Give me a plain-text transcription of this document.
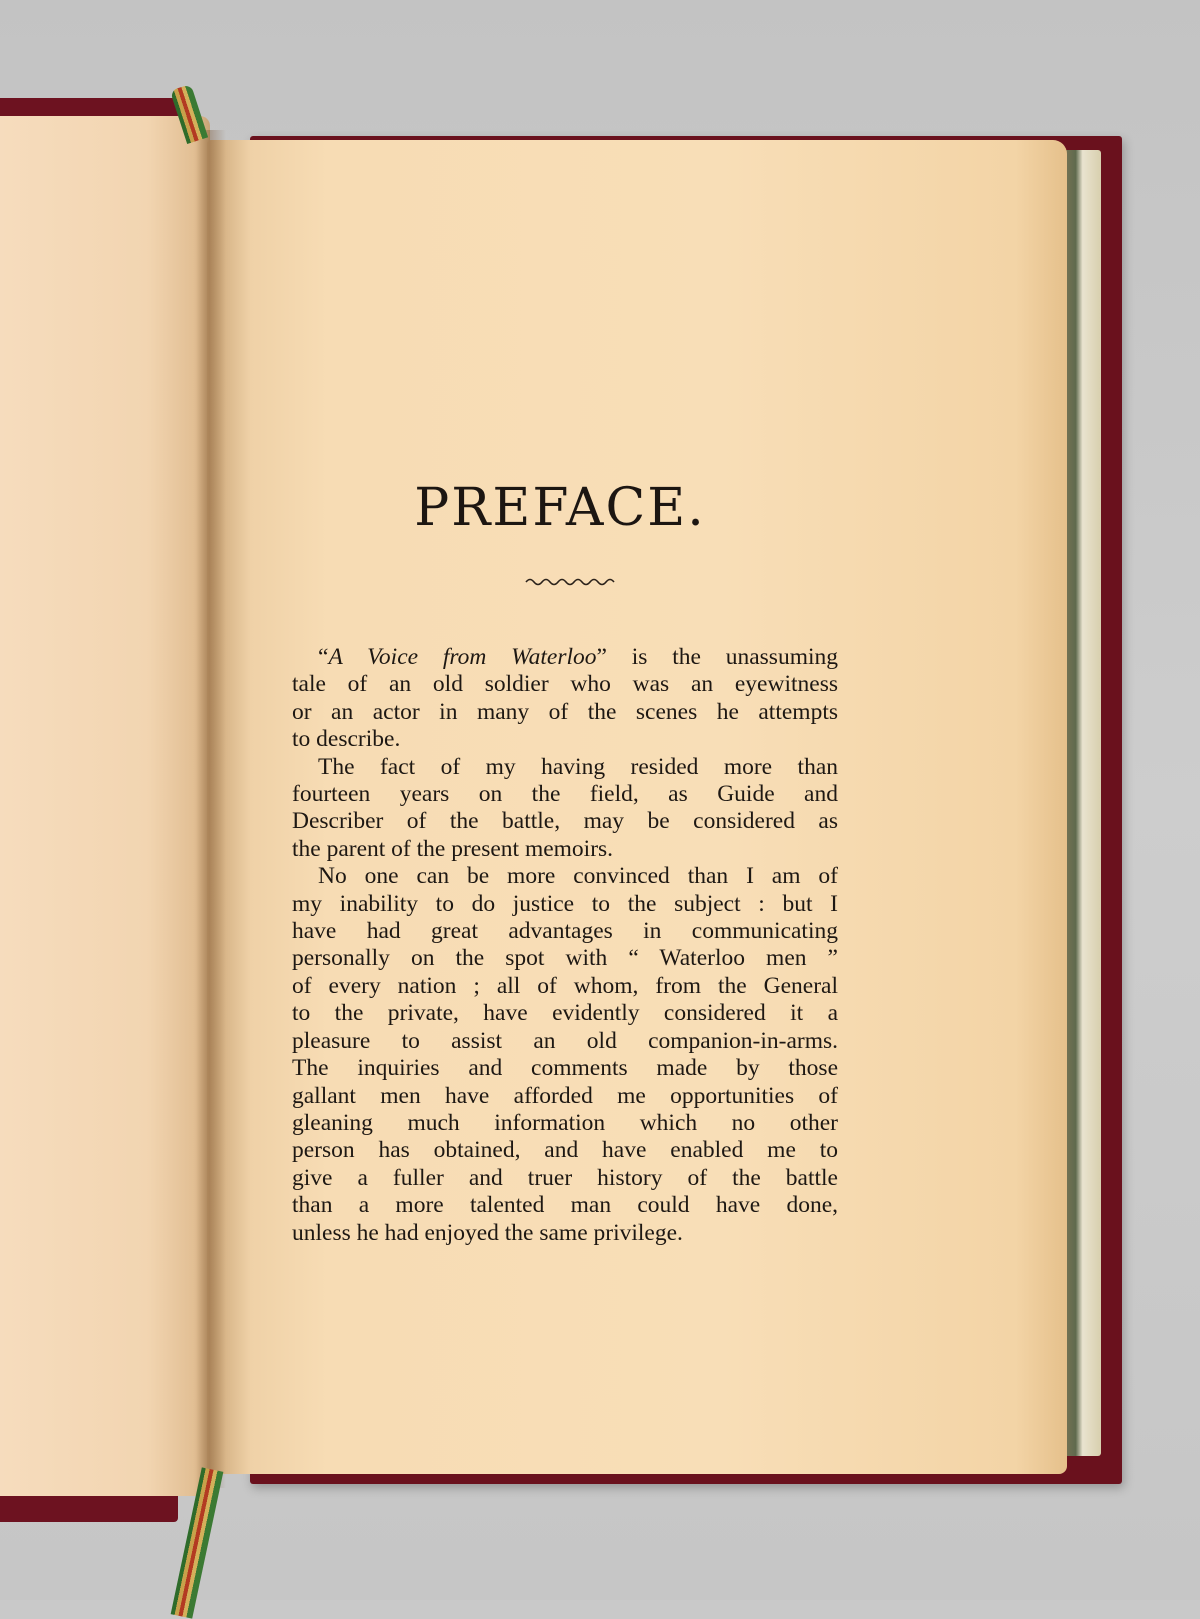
PREFACE.
“A Voice from Waterloo” is the unassuming
tale of an old soldier who was an eyewitness
or an actor in many of the scenes he attempts
to describe.
The fact of my having resided more than
fourteen years on the field, as Guide and
Describer of the battle, may be considered as
the parent of the present memoirs.
No one can be more convinced than I am of
my inability to do justice to the subject : but I
have had great advantages in communicating
personally on the spot with “ Waterloo men ”
of every nation ; all of whom, from the General
to the private, have evidently considered it a
pleasure to assist an old companion-in-arms.
The inquiries and comments made by those
gallant men have afforded me opportunities of
gleaning much information which no other
person has obtained, and have enabled me to
give a fuller and truer history of the battle
than a more talented man could have done,
unless he had enjoyed the same privilege.
